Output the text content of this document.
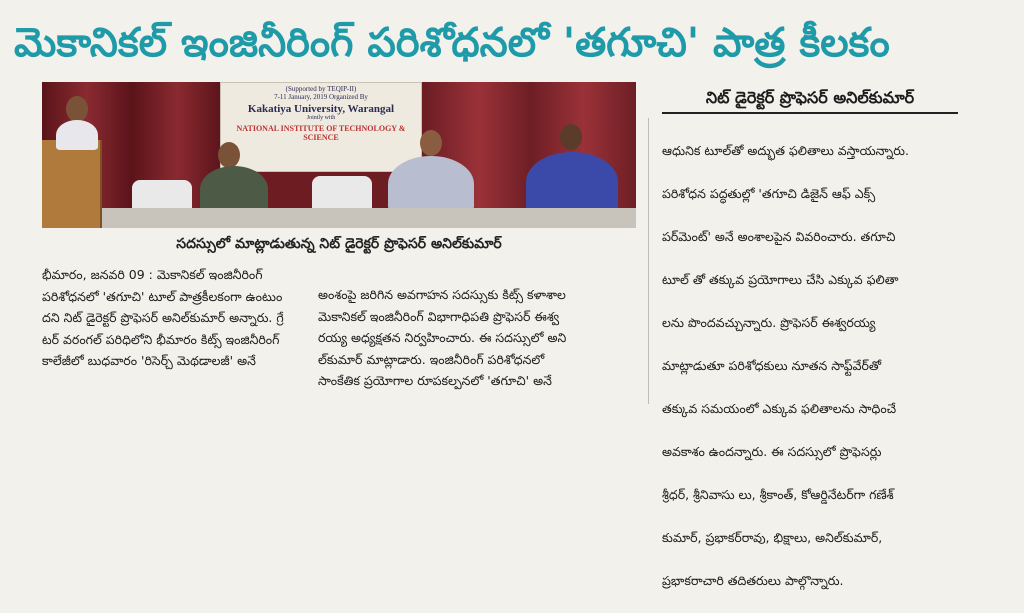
మెకానికల్ ఇంజినీరింగ్ పరిశోధనలో 'తగూచి' పాత్ర కీలకం
(Supported by TEQIP-II)
7-11 January, 2019 Organized By
Kakatiya University, Warangal
Jointly with
NATIONAL INSTITUTE OF TECHNOLOGY & SCIENCE
సదస్సులో మాట్లాడుతున్న నిట్ డైరెక్టర్ ప్రొఫెసర్ అనిల్‌కుమార్
నిట్ డైరెక్టర్ ప్రొఫెసర్ అనిల్‌కుమార్
భీమారం, జనవరి 09 : మెకానికల్ ఇంజినీరింగ్
పరిశోధనలో 'తగూచి' టూల్ పాత్రకీలకంగా ఉంటుం
దని నిట్ డైరెక్టర్ ప్రొఫెసర్ అనిల్‌కుమార్ అన్నారు. గ్రే
టర్ వరంగల్ పరిధిలోని భీమారం కిట్స్ ఇంజినీరింగ్
కాలేజీలో బుధవారం 'రిసెర్చ్ మెథడాలజీ' అనే
అంశంపై జరిగిన అవగాహన సదస్సుకు కిట్స్ కళాశాల
మెకానికల్ ఇంజినీరింగ్ విభాగాధిపతి ప్రొఫెసర్ ఈశ్వ
రయ్య అధ్యక్షతన నిర్వహించారు. ఈ సదస్సులో అని
ల్‌కుమార్ మాట్లాడారు. ఇంజినీరింగ్ పరిశోధనలో
సాంకేతిక ప్రయోగాల రూపకల్పనలో 'తగూచి' అనే

ఆధునిక టూల్‌తో అద్భుత ఫలితాలు వస్తాయన్నారు.

పరిశోధన పద్ధతుల్లో 'తగూచి డిజైన్ ఆఫ్ ఎక్స్

పర్‌మెంట్' అనే అంశాలపైన వివరించారు. తగూచి

టూల్ తో తక్కువ ప్రయోగాలు చేసి ఎక్కువ ఫలితా

లను పొందవచ్చున్నారు. ప్రొఫెసర్ ఈశ్వరయ్య

మాట్లాడుతూ పరిశోధకులు నూతన సాఫ్ట్‌వేర్‌తో

తక్కువ సమయంలో ఎక్కువ ఫలితాలను సాధించే

అవకాశం ఉందన్నారు. ఈ సదస్సులో ప్రొఫెసర్లు

శ్రీధర్, శ్రీనివాసు లు, శ్రీకాంత్, కోఆర్డినేటర్‌గా గణేశ్

కుమార్, ప్రభాకర్‌రావు, భిక్షాలు, అనిల్‌కుమార్,

ప్రభాకరాచారి తదితరులు పాల్గొన్నారు.
